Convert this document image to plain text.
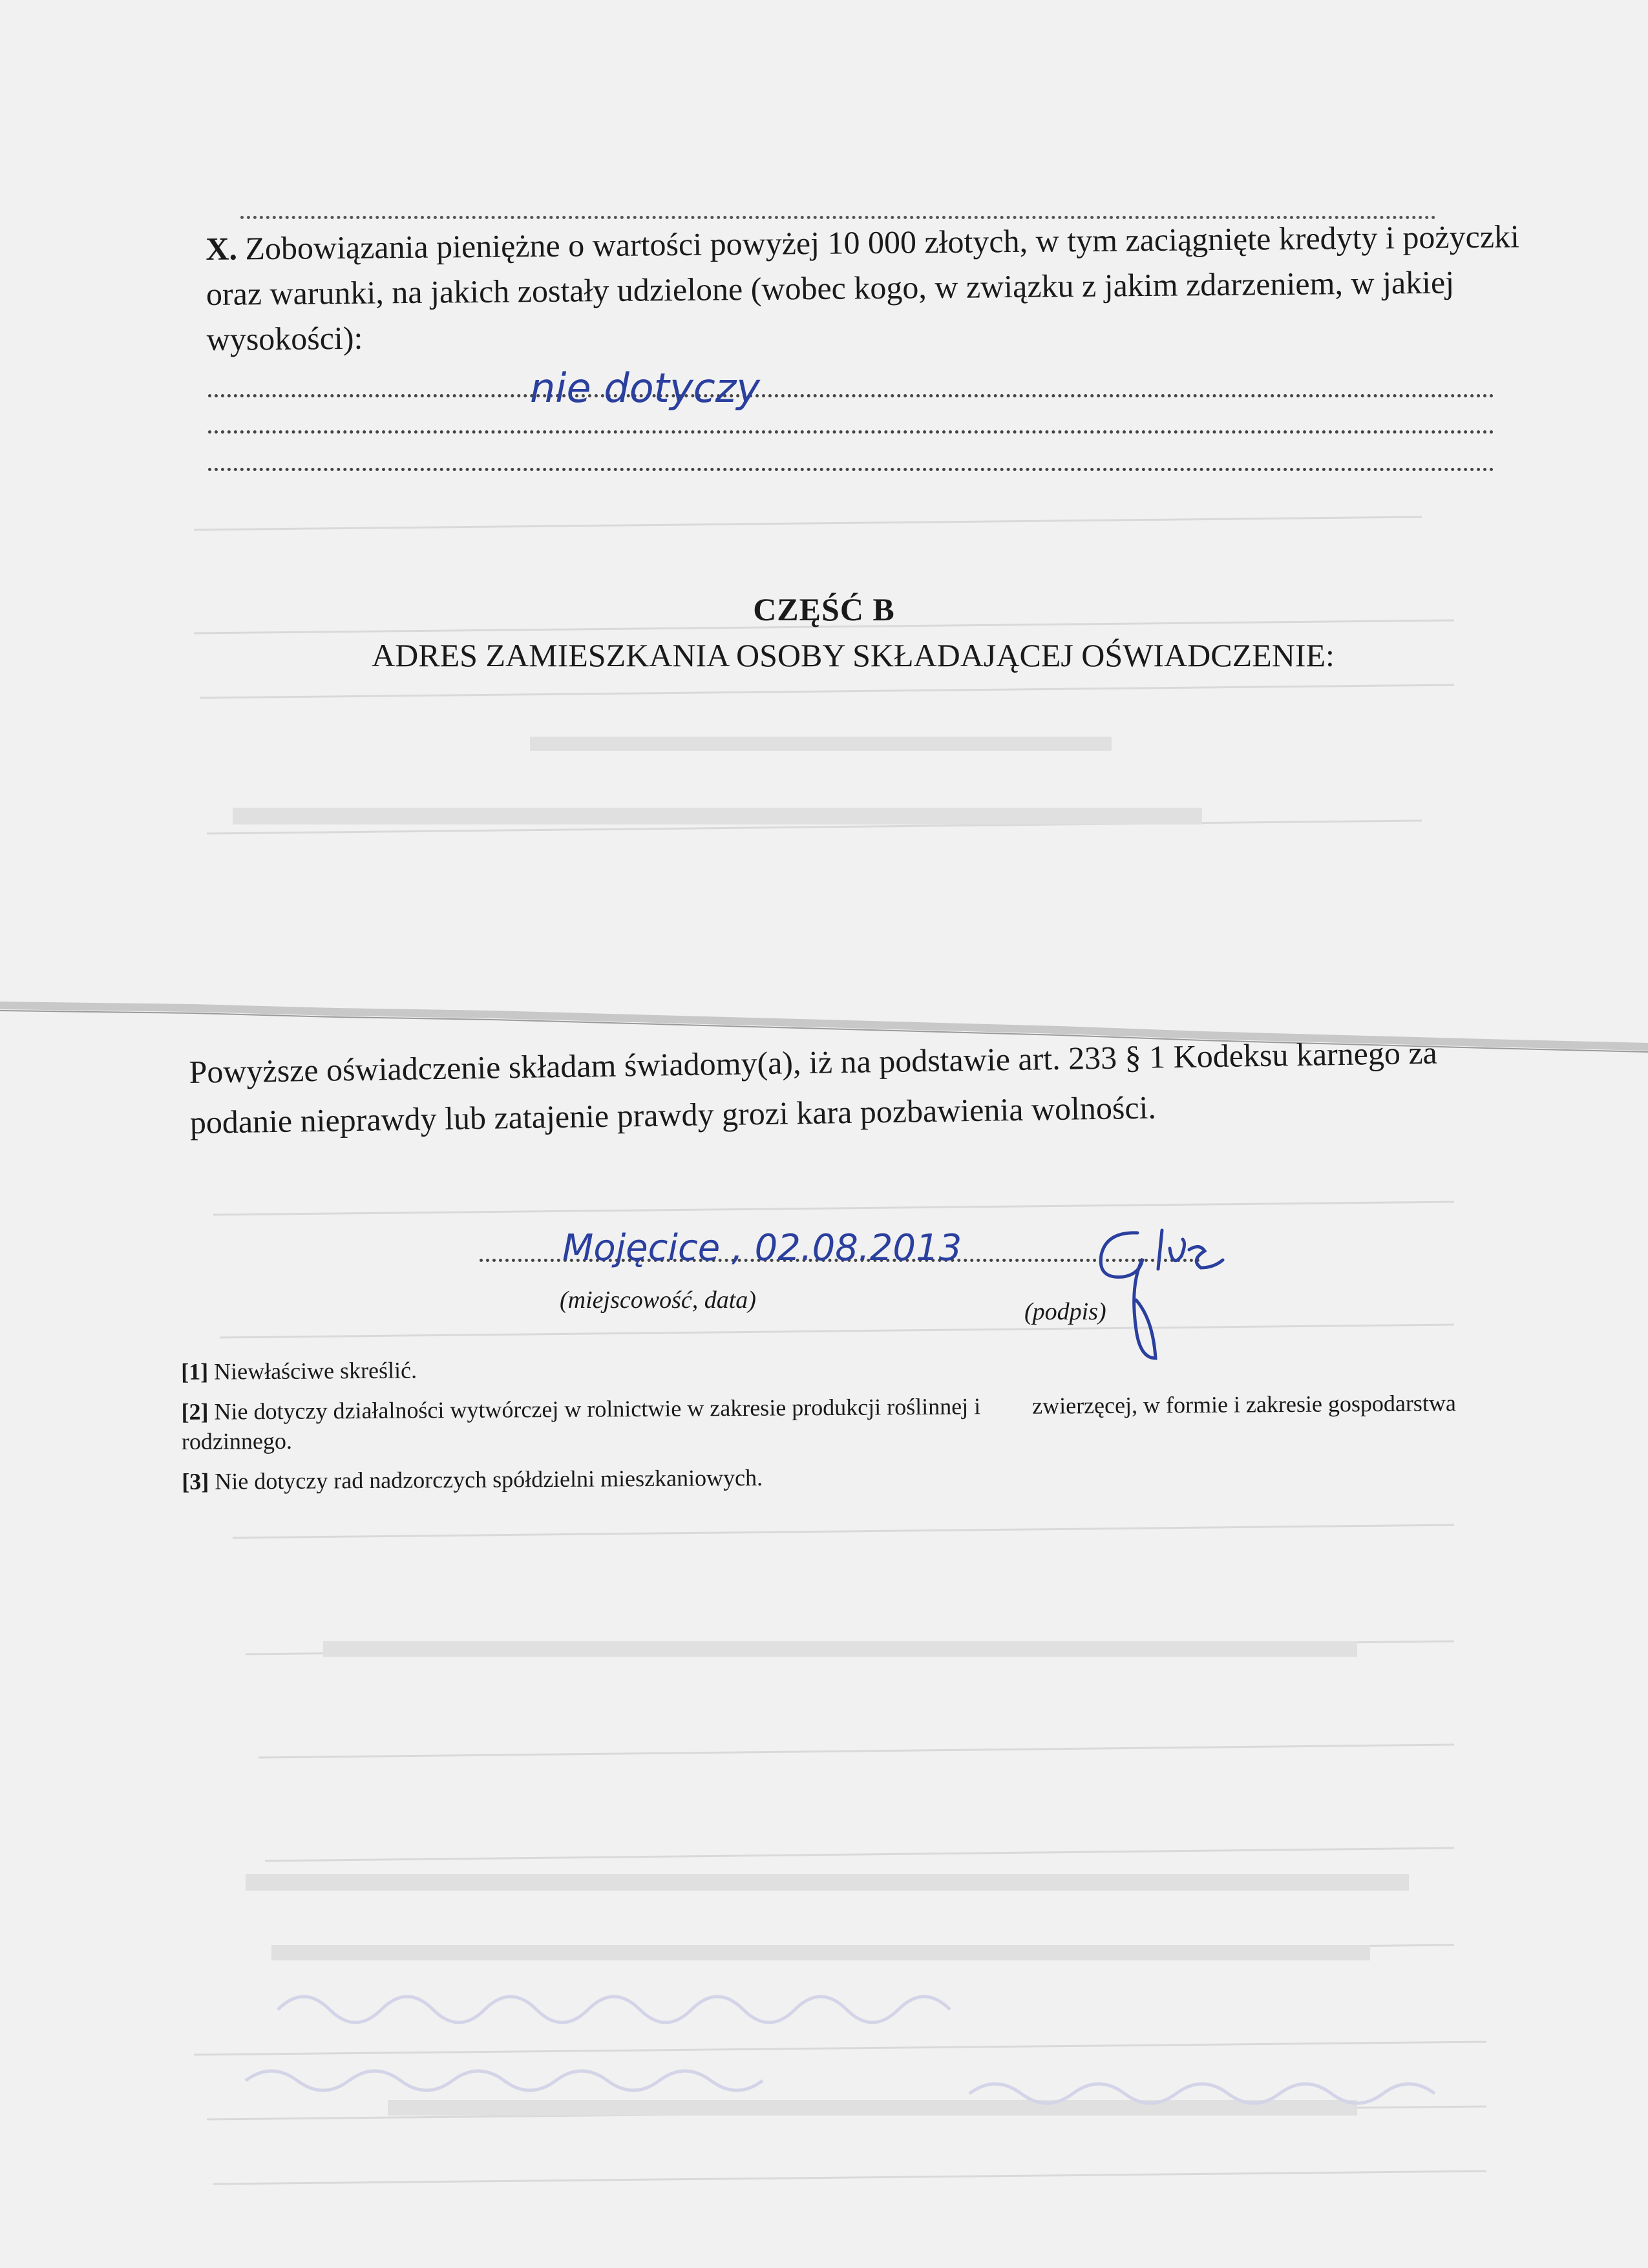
X. Zobowiązania pieniężne o wartości powyżej 10 000 złotych, w tym zaciągnięte kredyty i pożyczki oraz warunki, na jakich zostały udzielone (wobec kogo, w związku z jakim zdarzeniem, w jakiej wysokości):
nie dotyczy
CZĘŚĆ B
ADRES ZAMIESZKANIA OSOBY SKŁADAJĄCEJ OŚWIADCZENIE:
Powyższe oświadczenie składam świadomy(a), iż na podstawie art. 233 § 1 Kodeksu karnego za podanie nieprawdy lub zatajenie prawdy grozi kara pozbawienia wolności.
Mojęcice , 02.08.2013
(miejscowość, data)	(podpis)
[1] Niewłaściwe skreślić.
[2] Nie dotyczy działalności wytwórczej w rolnictwie w zakresie produkcji roślinnej i zwierzęcej, w formie i zakresie gospodarstwa rodzinnego.
[3] Nie dotyczy rad nadzorczych spółdzielni mieszkaniowych.
